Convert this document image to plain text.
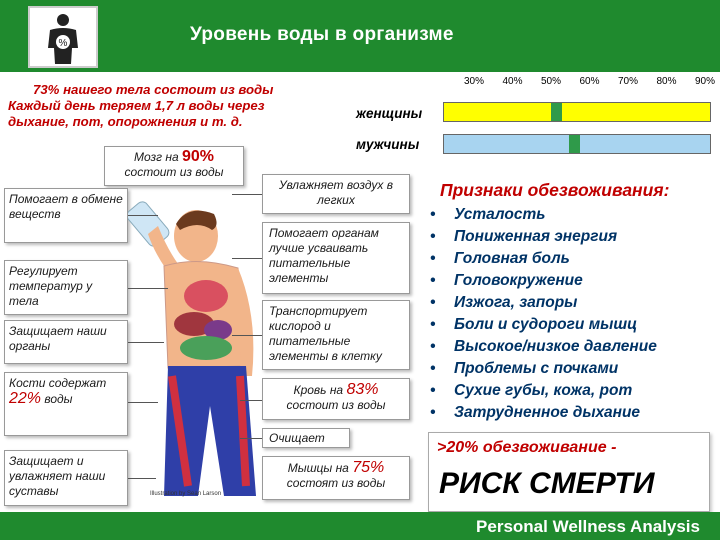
%	Уровень воды в организме
73% нашего тела состоит из воды
Каждый день теряем 1,7 л воды через
дыхание, пот, опорожнения и т. д.
Мозг на 90%
состоит из воды
Помогает в обмене веществ
Регулирует температур у тела
Защищает наши органы
Кости содержат
22% воды
Защищает и увлажняет наши суставы	Illustration by Sean Larson
Увлажняет воздух в легких
Помогает органам лучше усваивать питательные элементы
Транспортирует кислород и питательные элементы в клетку
Кровь на 83%
состоит из воды
Очищает
Мышцы на 75%
состоят из воды
30% 40% 50% 60% 70% 80% 90%
женщины
мужчины
Признаки обезвоживания:
•	Усталость
•	Пониженная энергия
•	Головная боль
•	Головокружение
•	Изжога, запоры
•	Боли и судороги мышц
•	Высокое/низкое давление
•	Проблемы с почками
•	Сухие губы, кожа, рот
•	Затрудненное дыхание
>20% обезвоживание -
РИСК СМЕРТИ
Personal Wellness Analysis
